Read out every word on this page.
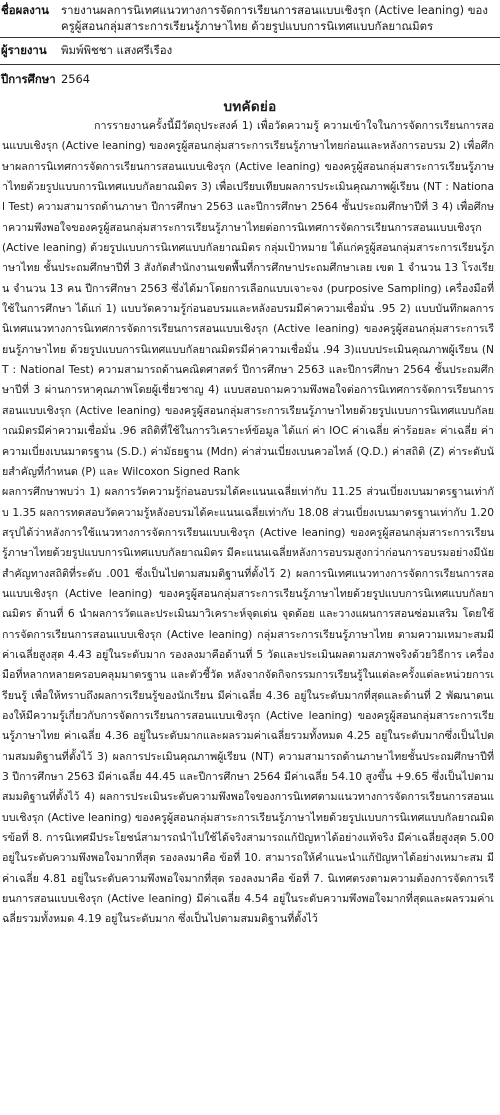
ชื่อผลงาน	รายงานผลการนิเทศแนวทางการจัดการเรียนการสอนแบบเชิงรุก (Active leaning) ของครูผู้สอนกลุ่มสาระการเรียนรู้ภาษาไทย ด้วยรูปแบบการนิเทศแบบกัลยาณมิตร
ผู้รายงาน	พิมพ์พิชชา แสงศรีเรือง
ปีการศึกษา 2564
บทคัดย่อ

การรายงานครั้งนี้มีวัตถุประสงค์ 1) เพื่อวัดความรู้ ความเข้าใจในการจัดการเรียนการสอนแบบเชิงรุก (Active leaning) ของครูผู้สอนกลุ่มสาระการเรียนรู้ภาษาไทยก่อนและหลังการอบรม 2) เพื่อศึกษาผลการนิเทศการจัดการเรียนการสอนแบบเชิงรุก (Active leaning) ของครูผู้สอนกลุ่มสาระการเรียนรู้ภาษาไทยด้วยรูปแบบการนิเทศแบบกัลยาณมิตร 3) เพื่อเปรียบเทียบผลการประเมินคุณภาพผู้เรียน (NT : National Test) ความสามารถด้านภาษา ปีการศึกษา 2563 และปีการศึกษา 2564 ชั้นประถมศึกษาปีที่ 3 4) เพื่อศึกษาความพึงพอใจของครูผู้สอนกลุ่มสาระการเรียนรู้ภาษาไทยต่อการนิเทศการจัดการเรียนการสอนแบบเชิงรุก (Active leaning) ด้วยรูปแบบการนิเทศแบบกัลยาณมิตร กลุ่มเป้าหมาย ได้แก่ครูผู้สอนกลุ่มสาระการเรียนรู้ภาษาไทย ชั้นประถมศึกษาปีที่ 3 สังกัดสำนักงานเขตพื้นที่การศึกษาประถมศึกษาเลย เขต 1 จำนวน 13 โรงเรียน จำนวน 13 คน ปีการศึกษา 2563 ซึ่งได้มาโดยการเลือกแบบเจาะจง (purposive Sampling) เครื่องมือที่ใช้ในการศึกษา ได้แก่ 1) แบบวัดความรู้ก่อนอบรมและหลังอบรมมีค่าความเชื่อมั่น .95 2) แบบบันทึกผลการนิเทศแนวทางการนิเทศการจัดการเรียนการสอนแบบเชิงรุก (Active leaning) ของครูผู้สอนกลุ่มสาระการเรียนรู้ภาษาไทย ด้วยรูปแบบการนิเทศแบบกัลยาณมิตรมีค่าความเชื่อมั่น .94 3)แบบประเมินคุณภาพผู้เรียน (NT : National Test) ความสามารถด้านคณิตศาสตร์ ปีการศึกษา 2563 และปีการศึกษา 2564 ชั้นประถมศึกษาปีที่ 3 ผ่านการหาคุณภาพโดยผู้เชี่ยวชาญ 4) แบบสอบถามความพึงพอใจต่อการนิเทศการจัดการเรียนการสอนแบบเชิงรุก (Active leaning) ของครูผู้สอนกลุ่มสาระการเรียนรู้ภาษาไทยด้วยรูปแบบการนิเทศแบบกัลยาณมิตรมีค่าความเชื่อมั่น .96 สถิติที่ใช้ในการวิเคราะห์ข้อมูล ได้แก่ ค่า IOC ค่าเฉลี่ย ค่าร้อยละ ค่าเฉลี่ย ค่าความเบี่ยงเบนมาตรฐาน (S.D.) ค่ามัธยฐาน (Mdn) ค่าส่วนเบี่ยงเบนควอไทล์ (Q.D.) ค่าสถิติ (Z) ค่าระดับนัยสำคัญที่กำหนด (P) และ Wilcoxon Signed Rank

ผลการศึกษาพบว่า 1) ผลการวัดความรู้ก่อนอบรมได้คะแนนเฉลี่ยเท่ากับ 11.25 ส่วนเบี่ยงเบนมาตรฐานเท่ากับ 1.35 ผลการทดสอบวัดความรู้หลังอบรมได้คะแนนเฉลี่ยเท่ากับ 18.08 ส่วนเบี่ยงเบนมาตรฐานเท่ากับ 1.20 สรุปได้ว่าหลังการใช้แนวทางการจัดการเรียนแบบเชิงรุก (Active leaning) ของครูผู้สอนกลุ่มสาระการเรียนรู้ภาษาไทยด้วยรูปแบบการนิเทศแบบกัลยาณมิตร มีคะแนนเฉลี่ยหลังการอบรมสูงกว่าก่อนการอบรมอย่างมีนัยสำคัญทางสถิติที่ระดับ .001 ซึ่งเป็นไปตามสมมติฐานที่ตั้งไว้ 2) ผลการนิเทศแนวทางการจัดการเรียนการสอนแบบเชิงรุก (Active leaning) ของครูผู้สอนกลุ่มสาระการเรียนรู้ภาษาไทยด้วยรูปแบบการนิเทศแบบกัลยาณมิตร ด้านที่ 6 นำผลการวัดและประเมินมาวิเคราะห์จุดเด่น จุดด้อย และวางแผนการสอนซ่อมเสริม โดยใช้ การจัดการเรียนการสอนแบบเชิงรุก (Active leaning) กลุ่มสาระการเรียนรู้ภาษาไทย ตามความเหมาะสมมีค่าเฉลี่ยสูงสุด 4.43 อยู่ในระดับมาก รองลงมาคือด้านที่ 5 วัดและประเมินผลตามสภาพจริงด้วยวิธีการ เครื่องมือที่หลากหลายครอบคลุมมาตรฐาน และตัวชี้วัด หลังจากจัดกิจกรรมการเรียนรู้ในแต่ละครั้งแต่ละหน่วยการเรียนรู้ เพื่อให้ทราบถึงผลการเรียนรู้ของนักเรียน มีค่าเฉลี่ย 4.36 อยู่ในระดับมากที่สุดและด้านที่ 2 พัฒนาตนเองให้มีความรู้เกี่ยวกับการจัดการเรียนการสอนแบบเชิงรุก (Active leaning) ของครูผู้สอนกลุ่มสาระการเรียนรู้ภาษาไทย ค่าเฉลี่ย 4.36 อยู่ในระดับมากและผลรวมค่าเฉลี่ยรวมทั้งหมด 4.25 อยู่ในระดับมากซึ่งเป็นไปตามสมมติฐานที่ตั้งไว้ 3) ผลการประเมินคุณภาพผู้เรียน (NT) ความสามารถด้านภาษาไทยชั้นประถมศึกษาปีที่ 3 ปีการศึกษา 2563 มีค่าเฉลี่ย 44.45 และปีการศึกษา 2564 มีค่าเฉลี่ย 54.10 สูงขึ้น +9.65 ซึ่งเป็นไปตามสมมติฐานที่ตั้งไว้ 4) ผลการประเมินระดับความพึงพอใจของการนิเทศตามแนวทางการจัดการเรียนการสอนแบบเชิงรุก (Active leaning) ของครูผู้สอนกลุ่มสาระการเรียนรู้ภาษาไทยด้วยรูปแบบการนิเทศแบบกัลยาณมิตรข้อที่ 8. การนิเทศมีประโยชน์สามารถนำไปใช้ได้จริงสามารถแก้ปัญหาได้อย่างแท้จริง มีค่าเฉลี่ยสูงสุด 5.00 อยู่ในระดับความพึงพอใจมากที่สุด รองลงมาคือ ข้อที่ 10. สามารถให้คำแนะนำแก้ปัญหาได้อย่างเหมาะสม มีค่าเฉลี่ย 4.81 อยู่ในระดับความพึงพอใจมากที่สุด รองลงมาคือ ข้อที่ 7. นิเทศตรงตามความต้องการจัดการเรียนการสอนแบบเชิงรุก (Active leaning) มีค่าเฉลี่ย 4.54 อยู่ในระดับความพึงพอใจมากที่สุดและผลรวมค่าเฉลี่ยรวมทั้งหมด 4.19 อยู่ในระดับมาก ซึ่งเป็นไปตามสมมติฐานที่ตั้งไว้
